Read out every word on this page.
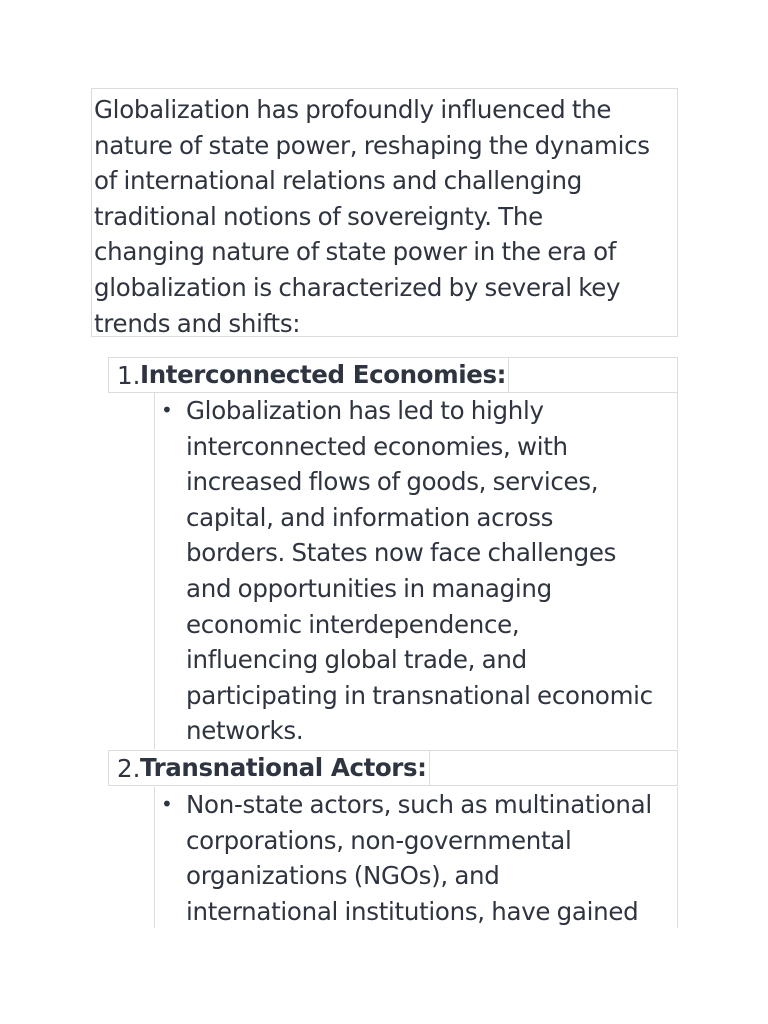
Globalization has profoundly influenced the
nature of state power, reshaping the dynamics
of international relations and challenging
traditional notions of sovereignty. The
changing nature of state power in the era of
globalization is characterized by several key
trends and shifts:
1. Interconnected Economies:
• Globalization has led to highly
interconnected economies, with
increased flows of goods, services,
capital, and information across
borders. States now face challenges
and opportunities in managing
economic interdependence,
influencing global trade, and
participating in transnational economic
networks.
2. Transnational Actors:
• Non-state actors, such as multinational
corporations, non-governmental
organizations (NGOs), and
international institutions, have gained
